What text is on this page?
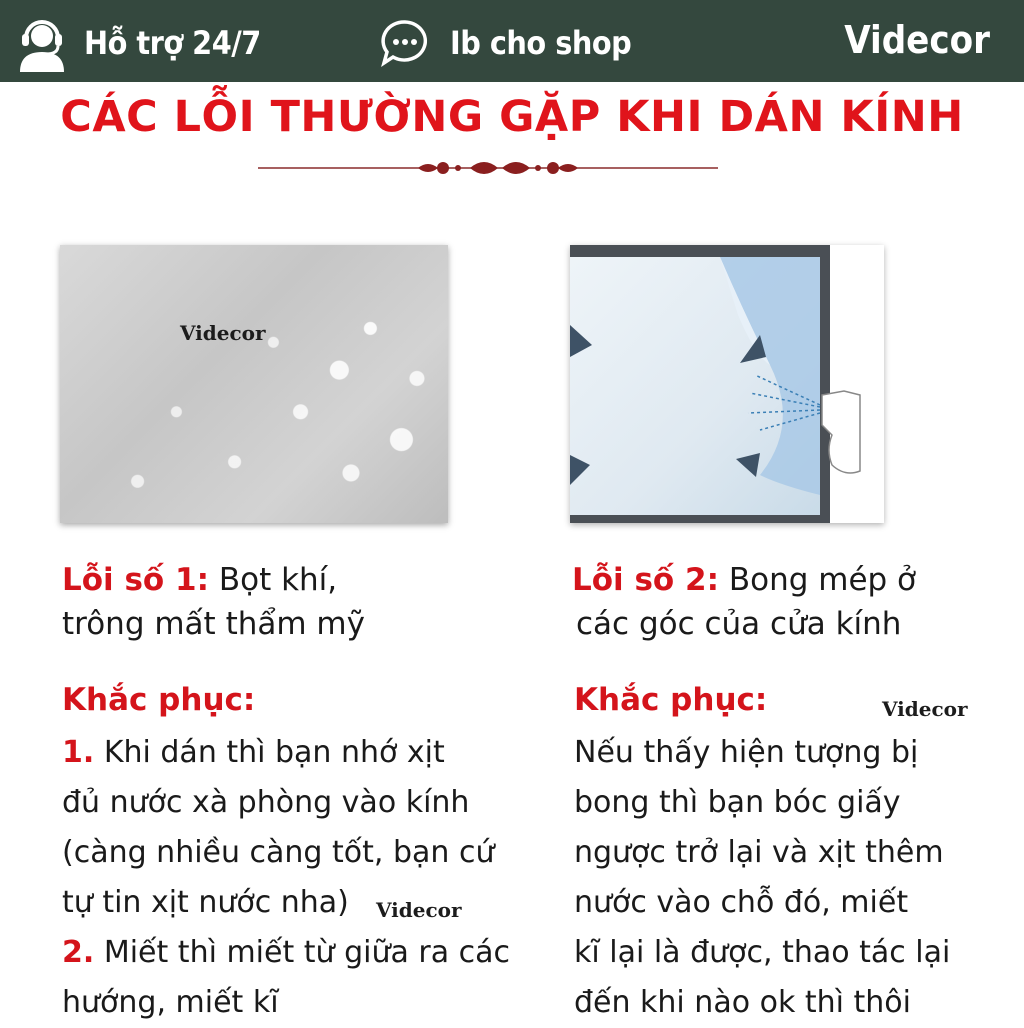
Hỗ trợ 24/7	Ib cho shop	Videcor
CÁC LỖI THƯỜNG GẶP KHI DÁN KÍNH
Videcor
Lỗi số 1: Bọt khí,
trông mất thẩm mỹ
Khắc phục:
1. Khi dán thì bạn nhớ xịt
đủ nước xà phòng vào kính
(càng nhiều càng tốt, bạn cứ
tự tin xịt nước nha)
2. Miết thì miết từ giữa ra các
hướng, miết kĩ
Videcor
Lỗi số 2: Bong mép ở
các góc của cửa kính
Khắc phục:	Videcor
Nếu thấy hiện tượng bị
bong thì bạn bóc giấy
ngược trở lại và xịt thêm
nước vào chỗ đó, miết
kĩ lại là được, thao tác lại
đến khi nào ok thì thôi
